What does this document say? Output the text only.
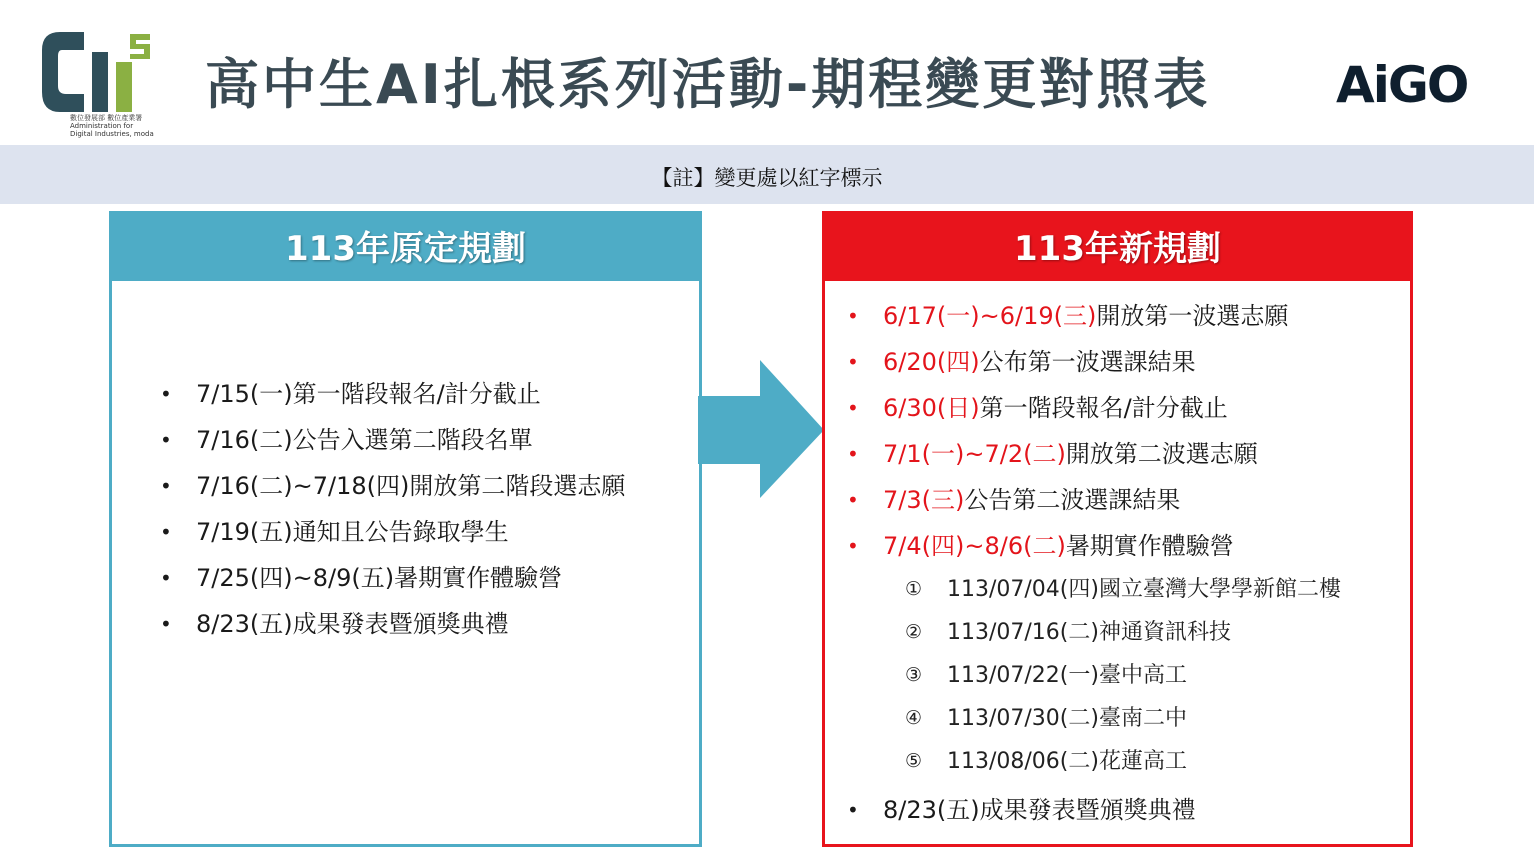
數位發展部 數位產業署
Administration for
Digital Industries, moda
高中生AI扎根系列活動-期程變更對照表	AiGO
【註】變更處以紅字標示
113年原定規劃
• 7/15(一)第一階段報名/計分截止
• 7/16(二)公告入選第二階段名單
• 7/16(二)~7/18(四)開放第二階段選志願
• 7/19(五)通知且公告錄取學生
• 7/25(四)~8/9(五)暑期實作體驗營
• 8/23(五)成果發表暨頒獎典禮
113年新規劃
• 6/17(一)~6/19(三)開放第一波選志願
• 6/20(四)公布第一波選課結果
• 6/30(日)第一階段報名/計分截止
• 7/1(一)~7/2(二)開放第二波選志願
• 7/3(三)公告第二波選課結果
• 7/4(四)~8/6(二)暑期實作體驗營
① 113/07/04(四)國立臺灣大學學新館二樓
② 113/07/16(二)神通資訊科技
③ 113/07/22(一)臺中高工
④ 113/07/30(二)臺南二中
⑤ 113/08/06(二)花蓮高工
• 8/23(五)成果發表暨頒獎典禮
